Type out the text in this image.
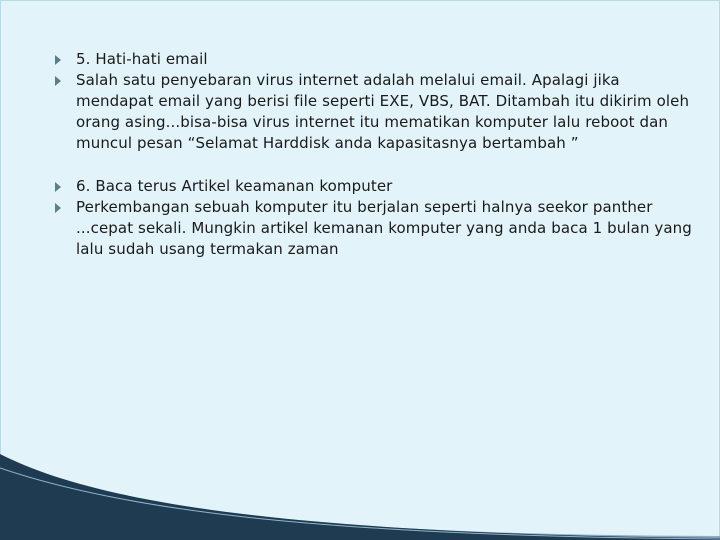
5. Hati-hati email
Salah satu penyebaran virus internet adalah melalui email. Apalagi jika mendapat email yang berisi file seperti EXE, VBS, BAT. Ditambah itu dikirim oleh orang asing...bisa-bisa virus internet itu mematikan komputer lalu reboot dan muncul pesan “Selamat Harddisk anda kapasitasnya bertambah ”
6. Baca terus Artikel keamanan komputer
Perkembangan sebuah komputer itu berjalan seperti halnya seekor panther ...cepat sekali. Mungkin artikel kemanan komputer yang anda baca 1 bulan yang lalu sudah usang termakan zaman
